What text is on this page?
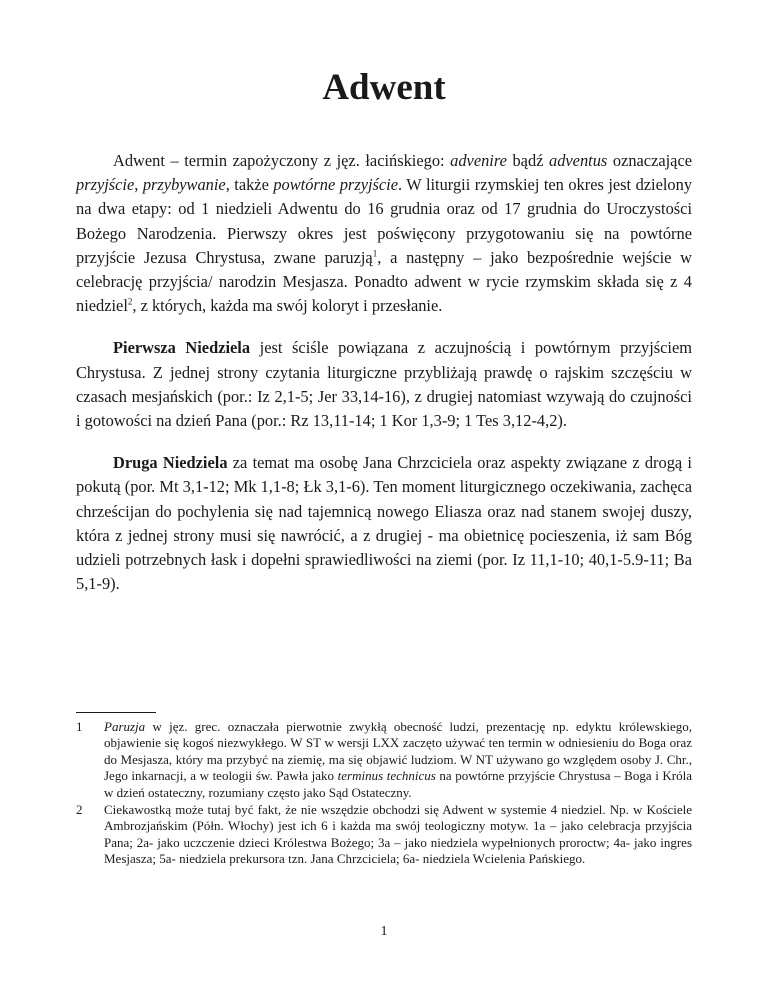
Adwent

Adwent – termin zapożyczony z jęz. łacińskiego: advenire bądź adventus oznaczające przyjście, przybywanie, także powtórne przyjście. W liturgii rzymskiej ten okres jest dzielony na dwa etapy: od 1 niedzieli Adwentu do 16 grudnia oraz od 17 grudnia do Uroczystości Bożego Narodzenia. Pierwszy okres jest poświęcony przygotowaniu się na powtórne przyjście Jezusa Chrystusa, zwane paruzją$^1$, a następny – jako bezpośrednie wejście w celebrację przyjścia/ narodzin Mesjasza. Ponadto adwent w rycie rzymskim składa się z 4 niedziel$^2$, z których, każda ma swój koloryt i przesłanie.

Pierwsza Niedziela jest ściśle powiązana z aczujnością i powtórnym przyjściem Chrystusa. Z jednej strony czytania liturgiczne przybliżają prawdę o rajskim szczęściu w czasach mesjańskich (por.: Iz 2,1-5; Jer 33,14-16), z drugiej natomiast wzywają do czujności i gotowości na dzień Pana (por.: Rz 13,11-14; 1 Kor 1,3-9; 1 Tes 3,12-4,2).

Druga Niedziela za temat ma osobę Jana Chrzciciela oraz aspekty związane z drogą i pokutą (por. Mt 3,1-12; Mk 1,1-8; Łk 3,1-6). Ten moment liturgicznego oczekiwania, zachęca chrześcijan do pochylenia się nad tajemnicą nowego Eliasza oraz nad stanem swojej duszy, która z jednej strony musi się nawrócić, a z drugiej - ma obietnicę pocieszenia, iż sam Bóg udzieli potrzebnych łask i dopełni sprawiedliwości na ziemi (por. Iz 11,1-10; 40,1-5.9-11; Ba 5,1-9).

1 Paruzja w jęz. grec. oznaczała pierwotnie zwykłą obecność ludzi, prezentację np. edyktu królewskiego, objawienie się kogoś niezwykłego. W ST w wersji LXX zaczęto używać ten termin w odniesieniu do Boga oraz do Mesjasza, który ma przybyć na ziemię, ma się objawić ludziom. W NT używano go względem osoby J. Chr., Jego inkarnacji, a w teologii św. Pawła jako terminus technicus na powtórne przyjście Chrystusa – Boga i Króla w dzień ostateczny, rozumiany często jako Sąd Ostateczny.
2 Ciekawostką może tutaj być fakt, że nie wszędzie obchodzi się Adwent w systemie 4 niedziel. Np. w Kościele Ambrozjańskim (Półn. Włochy) jest ich 6 i każda ma swój teologiczny motyw. 1a – jako celebracja przyjścia Pana; 2a- jako uczczenie dzieci Królestwa Bożego; 3a – jako niedziela wypełnionych proroctw; 4a- jako ingres Mesjasza; 5a- niedziela prekursora tzn. Jana Chrzciciela; 6a- niedziela Wcielenia Pańskiego.
1
